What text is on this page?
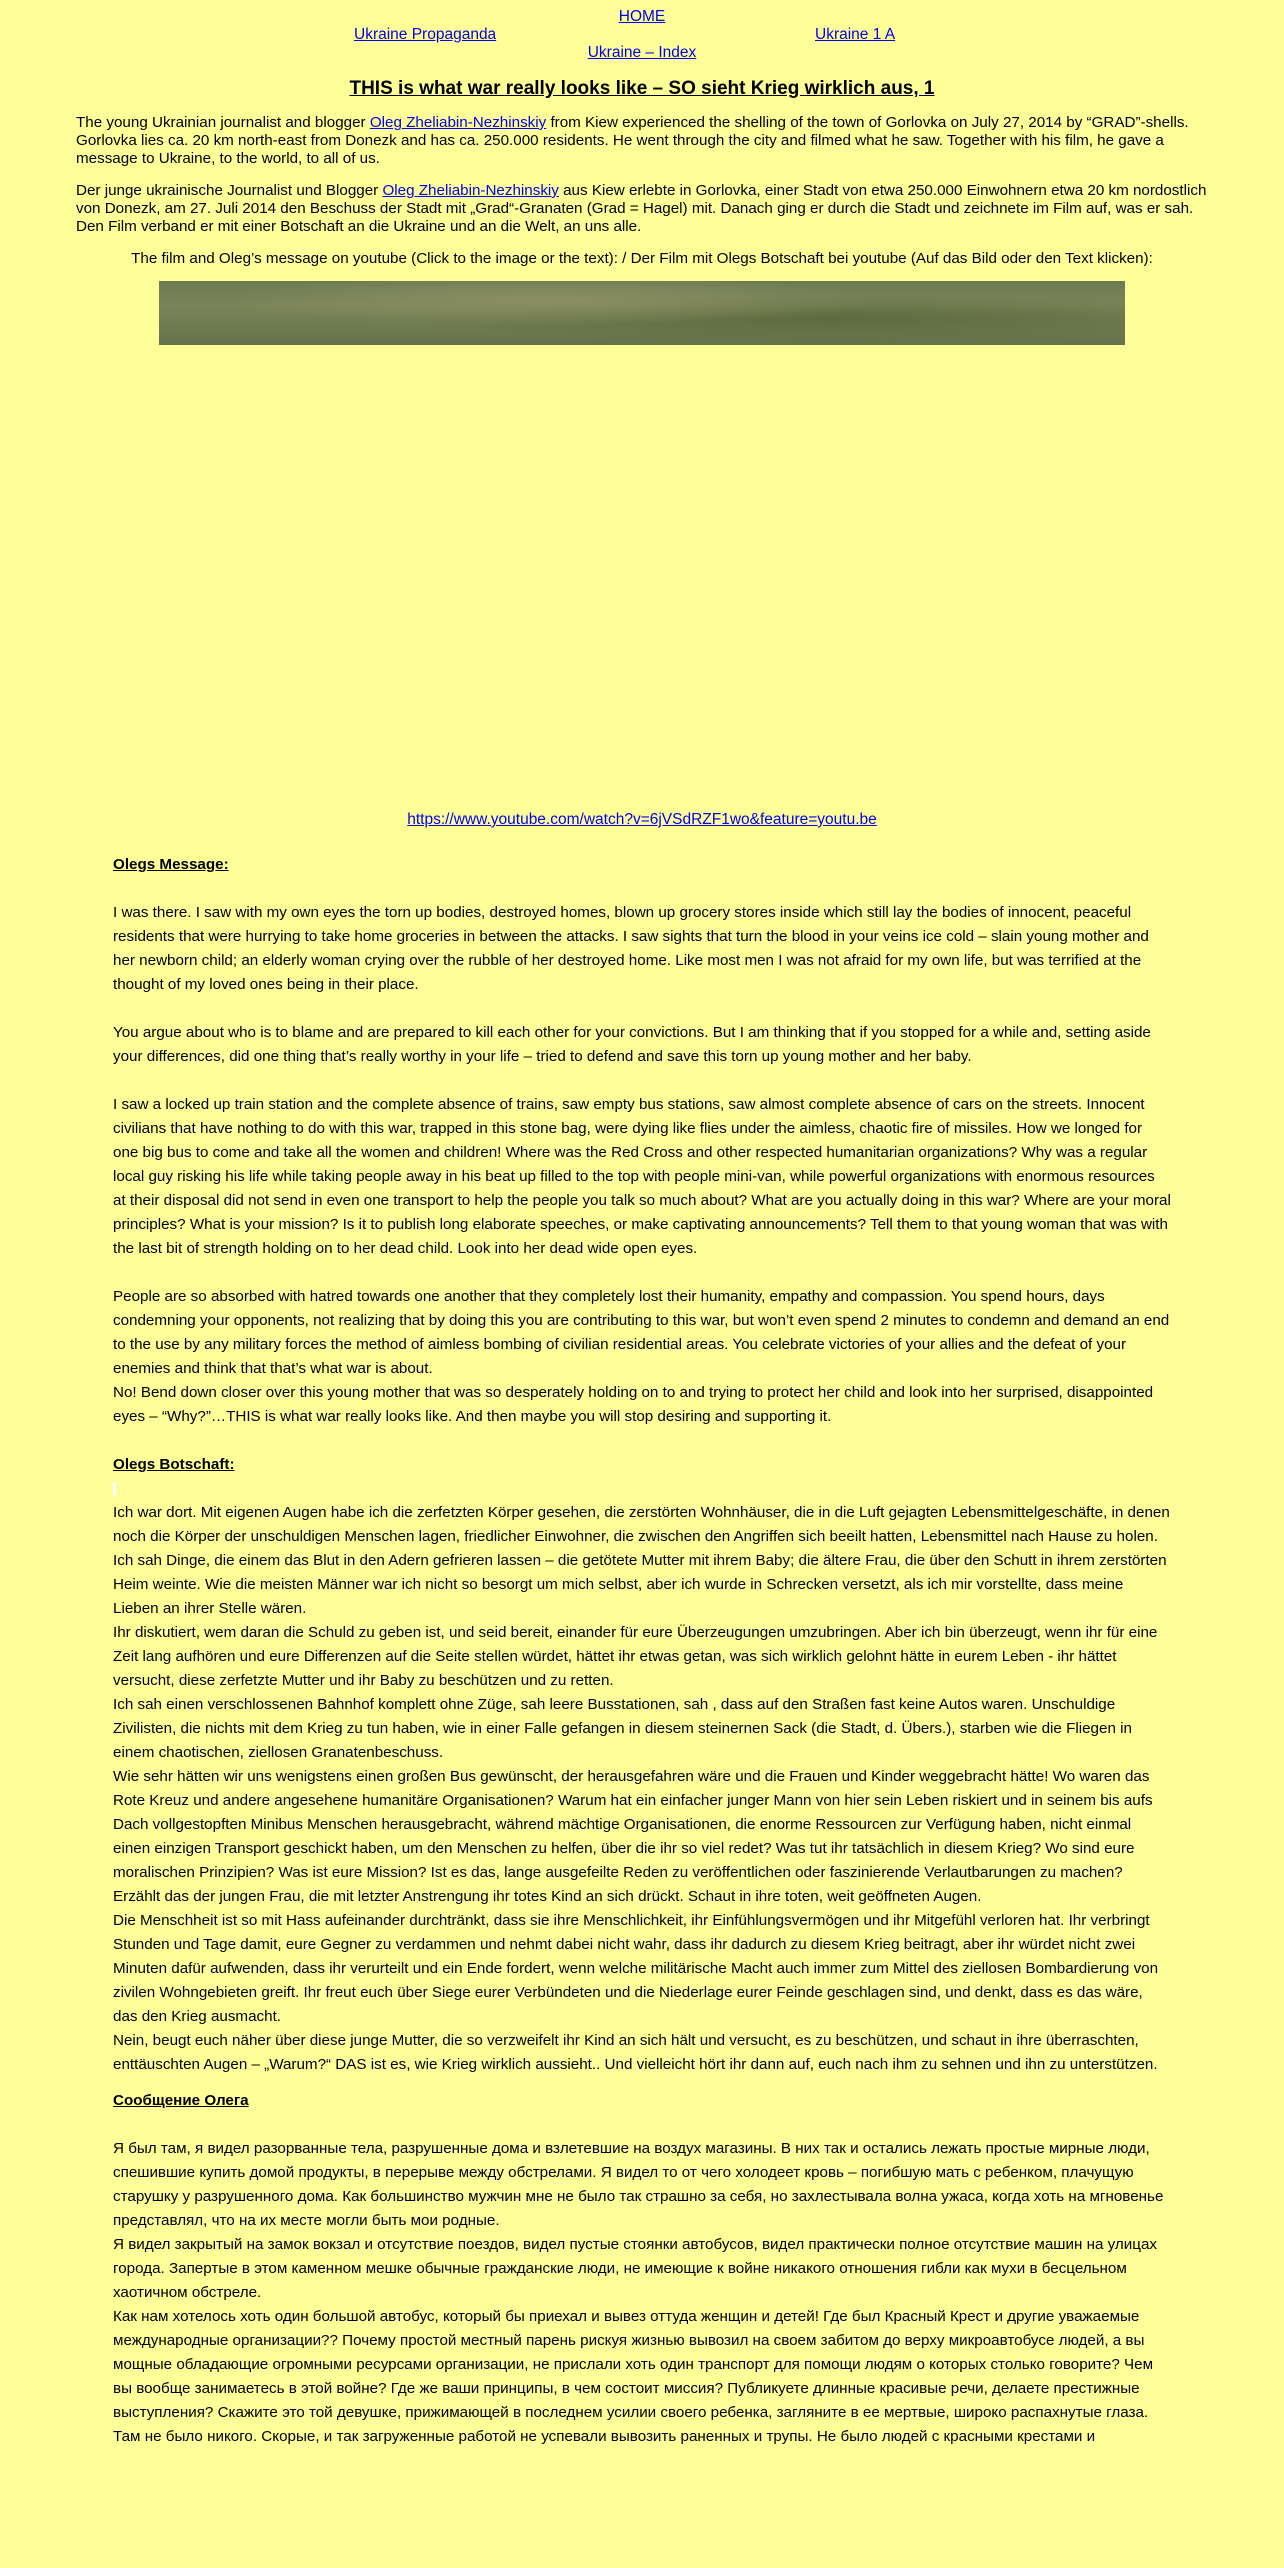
HOME
Ukraine Propaganda	Ukraine 1 A
Ukraine – Index
THIS is what war really looks like – SO sieht Krieg wirklich aus, 1

The young Ukrainian journalist and blogger Oleg Zheliabin-Nezhinskiy from Kiew experienced the shelling of the town of Gorlovka on July 27, 2014 by “GRAD”-shells. Gorlovka lies ca. 20 km north-east from Donezk and has ca. 250.000 residents. He went through the city and filmed what he saw. Together with his film, he gave a message to Ukraine, to the world, to all of us.

Der junge ukrainische Journalist und Blogger Oleg Zheliabin-Nezhinskiy aus Kiew erlebte in Gorlovka, einer Stadt von etwa 250.000 Einwohnern etwa 20 km nordostlich von Donezk, am 27. Juli 2014 den Beschuss der Stadt mit „Grad“-Granaten (Grad = Hagel) mit. Danach ging er durch die Stadt und zeichnete im Film auf, was er sah. Den Film verband er mit einer Botschaft an die Ukraine und an die Welt, an uns alle.

The film and Oleg’s message on youtube (Click to the image or the text): / Der Film mit Olegs Botschaft bei youtube (Auf das Bild oder den Text klicken):

https://www.youtube.com/watch?v=6jVSdRZF1wo&feature=youtu.be
Olegs Message:

I was there. I saw with my own eyes the torn up bodies, destroyed homes, blown up grocery stores inside which still lay the bodies of innocent, peaceful residents that were hurrying to take home groceries in between the attacks. I saw sights that turn the blood in your veins ice cold – slain young mother and her newborn child; an elderly woman crying over the rubble of her destroyed home. Like most men I was not afraid for my own life, but was terrified at the thought of my loved ones being in their place.

You argue about who is to blame and are prepared to kill each other for your convictions. But I am thinking that if you stopped for a while and, setting aside your differences, did one thing that’s really worthy in your life – tried to defend and save this torn up young mother and her baby.

I saw a locked up train station and the complete absence of trains, saw empty bus stations, saw almost complete absence of cars on the streets. Innocent civilians that have nothing to do with this war, trapped in this stone bag, were dying like flies under the aimless, chaotic fire of missiles. How we longed for one big bus to come and take all the women and children! Where was the Red Cross and other respected humanitarian organizations? Why was a regular local guy risking his life while taking people away in his beat up filled to the top with people mini-van, while powerful organizations with enormous resources at their disposal did not send in even one transport to help the people you talk so much about? What are you actually doing in this war? Where are your moral principles? What is your mission? Is it to publish long elaborate speeches, or make captivating announcements? Tell them to that young woman that was with the last bit of strength holding on to her dead child. Look into her dead wide open eyes.

People are so absorbed with hatred towards one another that they completely lost their humanity, empathy and compassion. You spend hours, days condemning your opponents, not realizing that by doing this you are contributing to this war, but won’t even spend 2 minutes to condemn and demand an end to the use by any military forces the method of aimless bombing of civilian residential areas. You celebrate victories of your allies and the defeat of your enemies and think that that’s what war is about.

No! Bend down closer over this young mother that was so desperately holding on to and trying to protect her child and look into her surprised, disappointed eyes – “Why?”…THIS is what war really looks like. And then maybe you will stop desiring and supporting it.

Olegs Botschaft:

Ich war dort. Mit eigenen Augen habe ich die zerfetzten Körper gesehen, die zerstörten Wohnhäuser, die in die Luft gejagten Lebensmittelgeschäfte, in denen noch die Körper der unschuldigen Menschen lagen, friedlicher Einwohner, die zwischen den Angriffen sich beeilt hatten, Lebensmittel nach Hause zu holen. Ich sah Dinge, die einem das Blut in den Adern gefrieren lassen – die getötete Mutter mit ihrem Baby; die ältere Frau, die über den Schutt in ihrem zerstörten Heim weinte. Wie die meisten Männer war ich nicht so besorgt um mich selbst, aber ich wurde in Schrecken versetzt, als ich mir vorstellte, dass meine Lieben an ihrer Stelle wären.

Ihr diskutiert, wem daran die Schuld zu geben ist, und seid bereit, einander für eure Überzeugungen umzubringen. Aber ich bin überzeugt, wenn ihr für eine Zeit lang aufhören und eure Differenzen auf die Seite stellen würdet, hättet ihr etwas getan, was sich wirklich gelohnt hätte in eurem Leben - ihr hättet versucht, diese zerfetzte Mutter und ihr Baby zu beschützen und zu retten.

Ich sah einen verschlossenen Bahnhof komplett ohne Züge, sah leere Busstationen, sah , dass auf den Straßen fast keine Autos waren. Unschuldige Zivilisten, die nichts mit dem Krieg zu tun haben, wie in einer Falle gefangen in diesem steinernen Sack (die Stadt, d. Übers.), starben wie die Fliegen in einem chaotischen, ziellosen Granatenbeschuss.

Wie sehr hätten wir uns wenigstens einen großen Bus gewünscht, der herausgefahren wäre und die Frauen und Kinder weggebracht hätte! Wo waren das Rote Kreuz und andere angesehene humanitäre Organisationen? Warum hat ein einfacher junger Mann von hier sein Leben riskiert und in seinem bis aufs Dach vollgestopften Minibus Menschen herausgebracht, während mächtige Organisationen, die enorme Ressourcen zur Verfügung haben, nicht einmal einen einzigen Transport geschickt haben, um den Menschen zu helfen, über die ihr so viel redet? Was tut ihr tatsächlich in diesem Krieg? Wo sind eure moralischen Prinzipien? Was ist eure Mission? Ist es das, lange ausgefeilte Reden zu veröffentlichen oder faszinierende Verlautbarungen zu machen? Erzählt das der jungen Frau, die mit letzter Anstrengung ihr totes Kind an sich drückt. Schaut in ihre toten, weit geöffneten Augen.

Die Menschheit ist so mit Hass aufeinander durchtränkt, dass sie ihre Menschlichkeit, ihr Einfühlungsvermögen und ihr Mitgefühl verloren hat. Ihr verbringt Stunden und Tage damit, eure Gegner zu verdammen und nehmt dabei nicht wahr, dass ihr dadurch zu diesem Krieg beitragt, aber ihr würdet nicht zwei Minuten dafür aufwenden, dass ihr verurteilt und ein Ende fordert, wenn welche militärische Macht auch immer zum Mittel des ziellosen Bombardierung von zivilen Wohngebieten greift. Ihr freut euch über Siege eurer Verbündeten und die Niederlage eurer Feinde geschlagen sind, und denkt, dass es das wäre, das den Krieg ausmacht.

Nein, beugt euch näher über diese junge Mutter, die so verzweifelt ihr Kind an sich hält und versucht, es zu beschützen, und schaut in ihre überraschten, enttäuschten Augen – „Warum?“ DAS ist es, wie Krieg wirklich aussieht.. Und vielleicht hört ihr dann auf, euch nach ihm zu sehnen und ihn zu unterstützen.

Сообщение Олега

Я был там, я видел разорванные тела, разрушенные дома и взлетевшие на воздух магазины. В них так и остались лежать простые мирные люди, спешившие купить домой продукты, в перерыве между обстрелами. Я видел то от чего холодеет кровь – погибшую мать с ребенком, плачущую старушку у разрушенного дома. Как большинство мужчин мне не было так страшно за себя, но захлестывала волна ужаса, когда хоть на мгновенье представлял, что на их месте могли быть мои родные.

Я видел закрытый на замок вокзал и отсутствие поездов, видел пустые стоянки автобусов, видел практически полное отсутствие машин на улицах города. Запертые в этом каменном мешке обычные гражданские люди, не имеющие к войне никакого отношения гибли как мухи в бесцельном хаотичном обстреле.

Как нам хотелось хоть один большой автобус, который бы приехал и вывез оттуда женщин и детей! Где был Красный Крест и другие уважаемые международные организации?? Почему простой местный парень рискуя жизнью вывозил на своем забитом до верху микроавтобусе людей, а вы мощные обладающие огромными ресурсами организации, не прислали хоть один транспорт для помощи людям о которых столько говорите? Чем вы вообще занимаетесь в этой войне? Где же ваши принципы, в чем состоит миссия? Публикуете длинные красивые речи, делаете престижные выступления? Скажите это той девушке, прижимающей в последнем усилии своего ребенка, загляните в ее мертвые, широко распахнутые глаза.

Там не было никого. Скорые, и так загруженные работой не успевали вывозить раненных и трупы. Не было людей с красными крестами и
